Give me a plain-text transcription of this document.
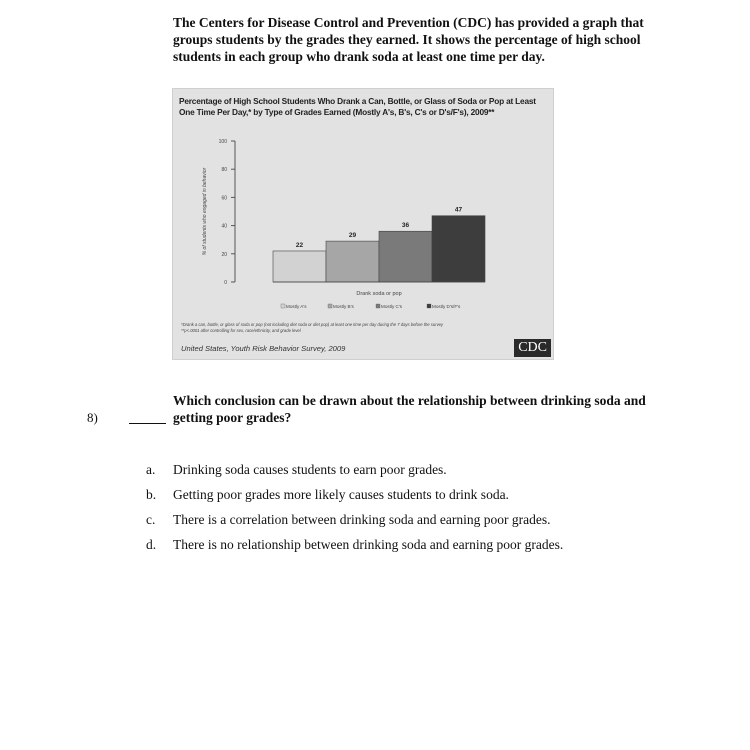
The Centers for Disease Control and Prevention (CDC) has provided a graph that groups students by the grades they earned. It shows the percentage of high school students in each group who drank soda at least one time per day.
Percentage of High School Students Who Drank a Can, Bottle, or Glass of Soda or Pop at Least One Time Per Day,* by Type of Grades Earned (Mostly A's, B's, C's or D's/F's), 2009**
0
20
40
60
80
100
% of students who engaged in behavior	22
29
36
47
Drank soda or pop
Mostly A's	Mostly B's	Mostly C's	Mostly D's/F's
*Drank a can, bottle, or glass of soda or pop (not including diet soda or diet pop) at least one time per day during the 7 days before the survey
**p<.0001 after controlling for sex, race/ethnicity, and grade level
United States, Youth Risk Behavior Survey, 2009	CDC
8)
Which conclusion can be drawn about the relationship between drinking soda and getting poor grades?
a.	Drinking soda causes students to earn poor grades.
b.	Getting poor grades more likely causes students to drink soda.
c.	There is a correlation between drinking soda and earning poor grades.
d.	There is no relationship between drinking soda and earning poor grades.
